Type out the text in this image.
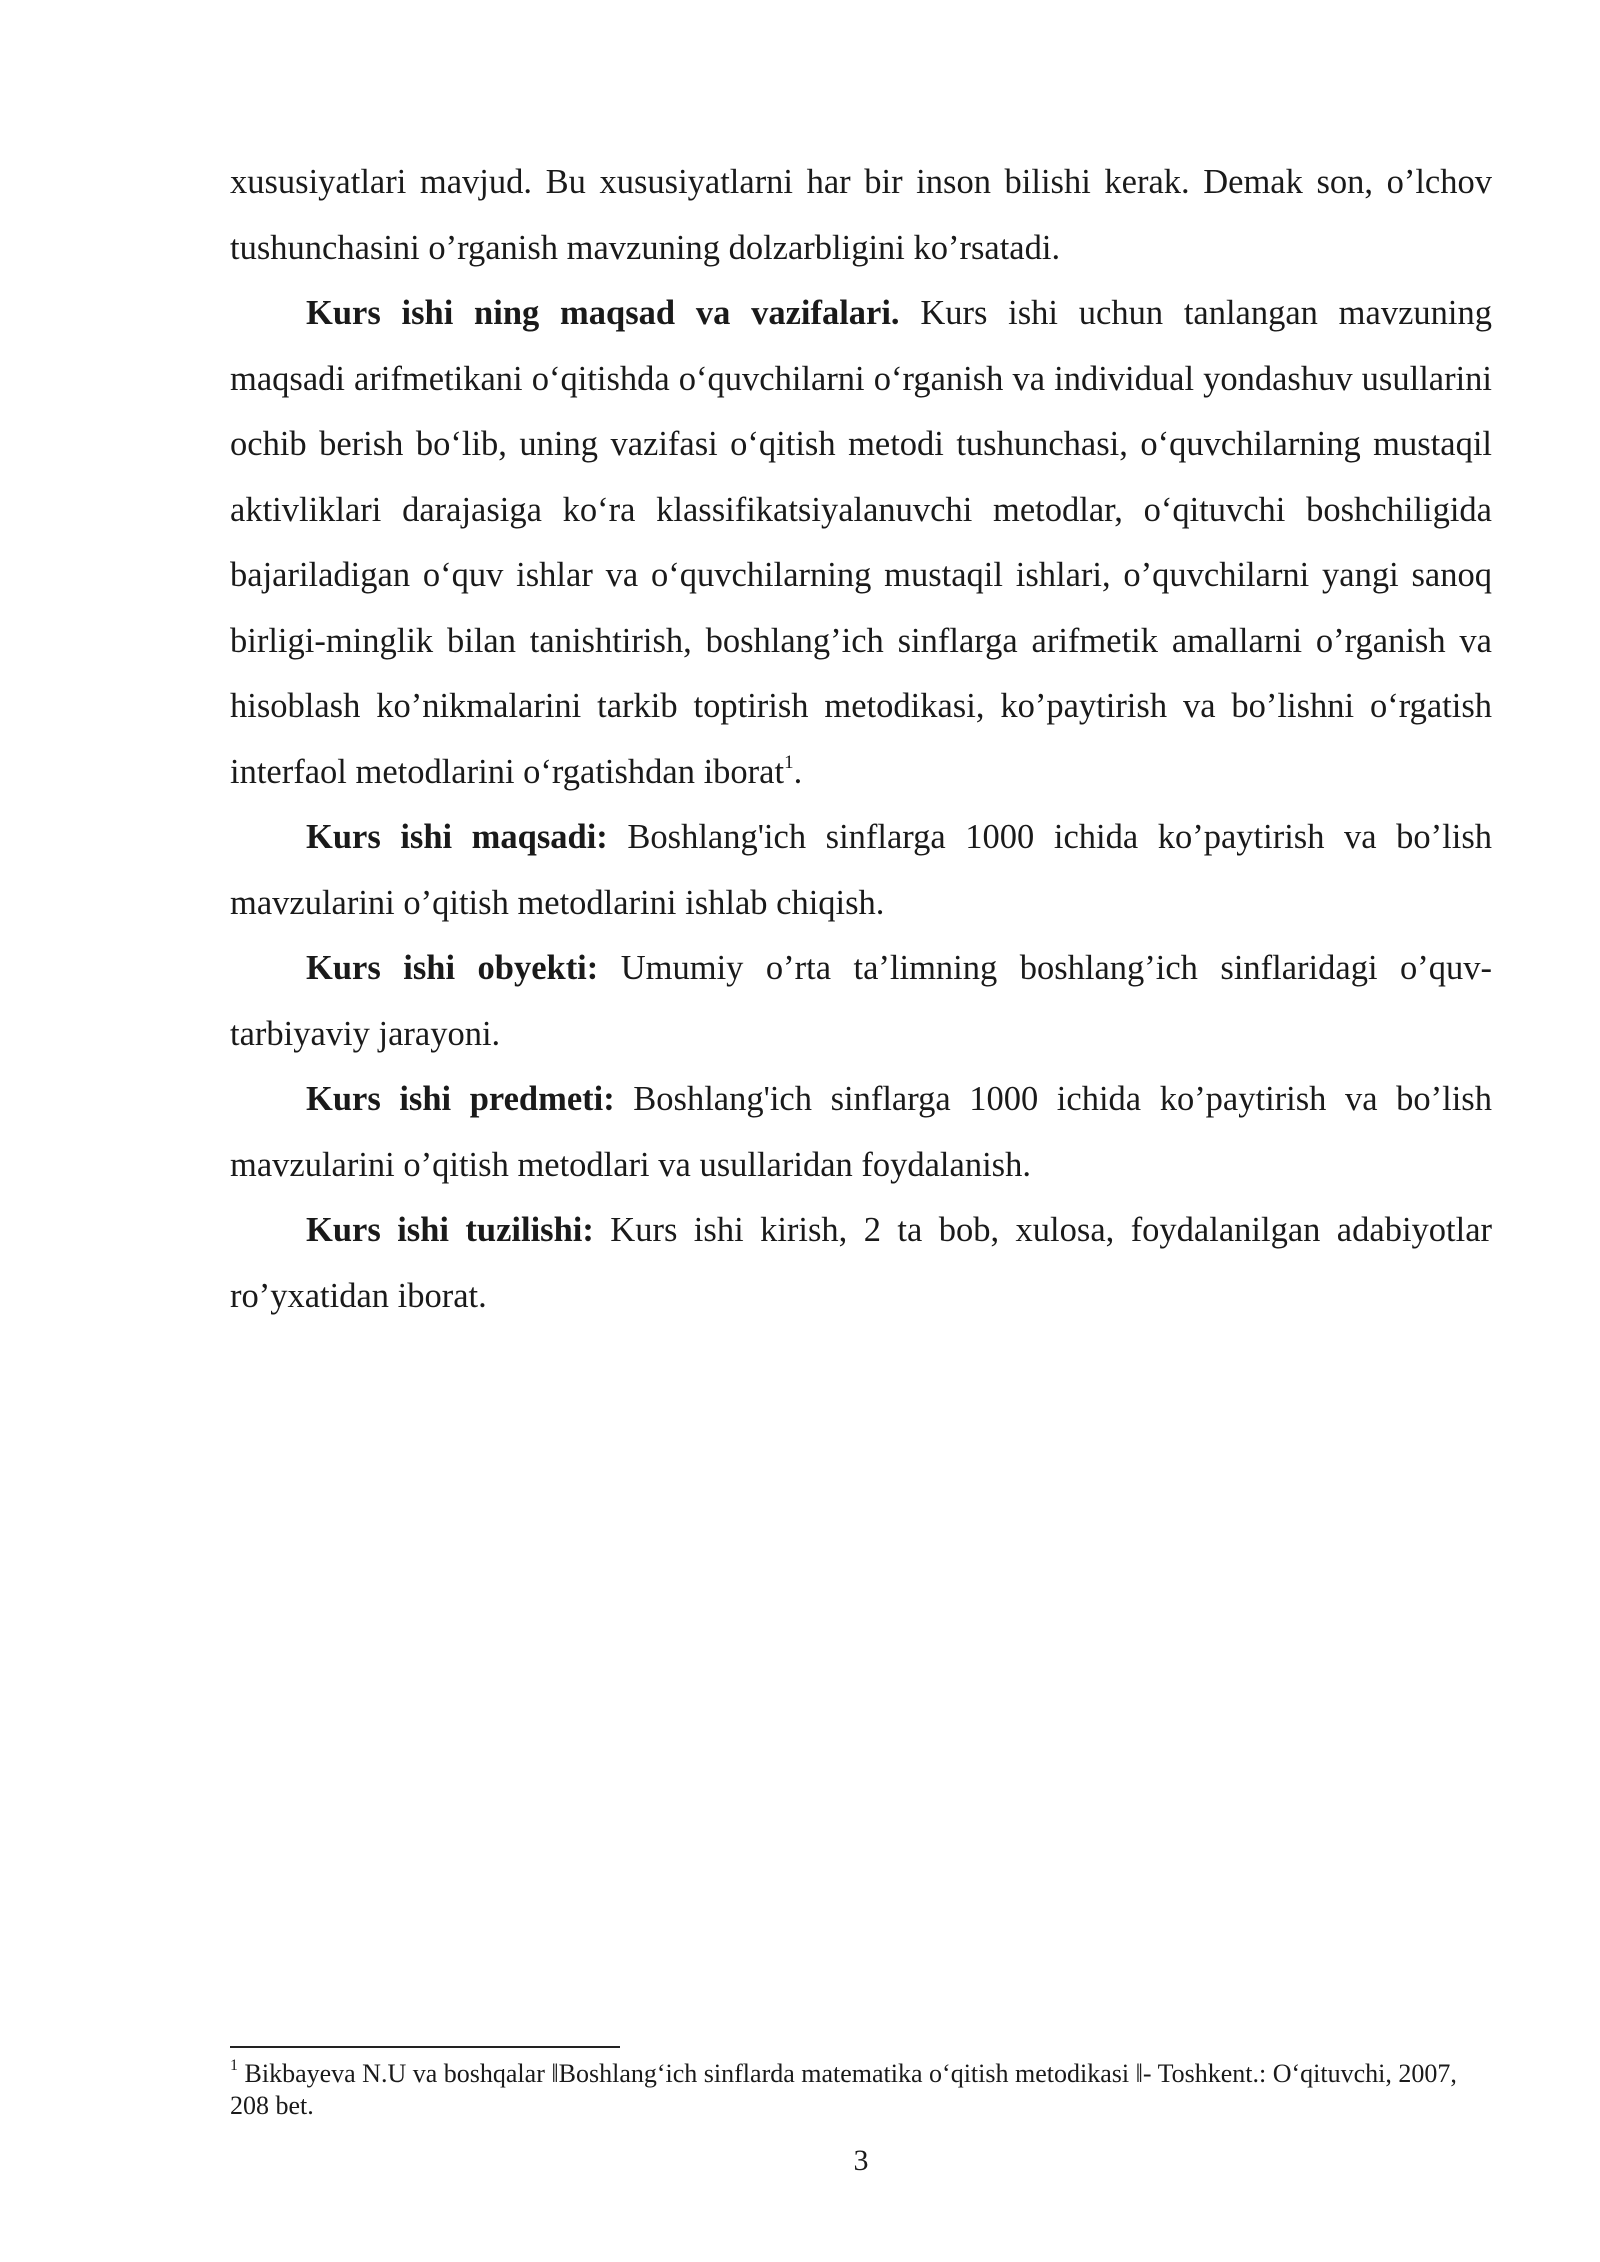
xususiyatlari mavjud. Bu xususiyatlarni har bir inson bilishi kerak. Demak son, o’lchov tushunchasini o’rganish mavzuning dolzarbligini ko’rsatadi.

Kurs ishi ning maqsad va vazifalari. Kurs ishi uchun tanlangan mavzuning maqsadi arifmetikani o‘qitishda o‘quvchilarni o‘rganish va individual yondashuv usullarini ochib berish bo‘lib, uning vazifasi o‘qitish metodi tushunchasi, o‘quvchilarning mustaqil aktivliklari darajasiga ko‘ra klassifikatsiyalanuvchi metodlar, o‘qituvchi boshchiligida bajariladigan o‘quv ishlar va o‘quvchilarning mustaqil ishlari, o’quvchilarni yangi sanoq birligi-minglik bilan tanishtirish, boshlang’ich sinflarga arifmetik amallarni o’rganish va hisoblash ko’nikmalarini tarkib toptirish metodikasi, ko’paytirish va bo’lishni o‘rgatish interfaol metodlarini o‘rgatishdan iborat$^1$.

Kurs ishi maqsadi: Boshlang'ich sinflarga 1000 ichida ko’paytirish va bo’lish mavzularini o’qitish metodlarini ishlab chiqish.

Kurs ishi obyekti: Umumiy o’rta ta’limning boshlang’ich sinflaridagi o’quv-tarbiyaviy jarayoni.

Kurs ishi predmeti: Boshlang'ich sinflarga 1000 ichida ko’paytirish va bo’lish mavzularini o’qitish metodlari va usullaridan foydalanish.

Kurs ishi tuzilishi: Kurs ishi kirish, 2 ta bob, xulosa, foydalanilgan adabiyotlar ro’yxatidan iborat.

$^1$ Bikbayeva N.U va boshqalar ‖Boshlang‘ich sinflarda matematika o‘qitish metodikasi ‖- Toshkent.: O‘qituvchi, 2007, 208 bet.

3
